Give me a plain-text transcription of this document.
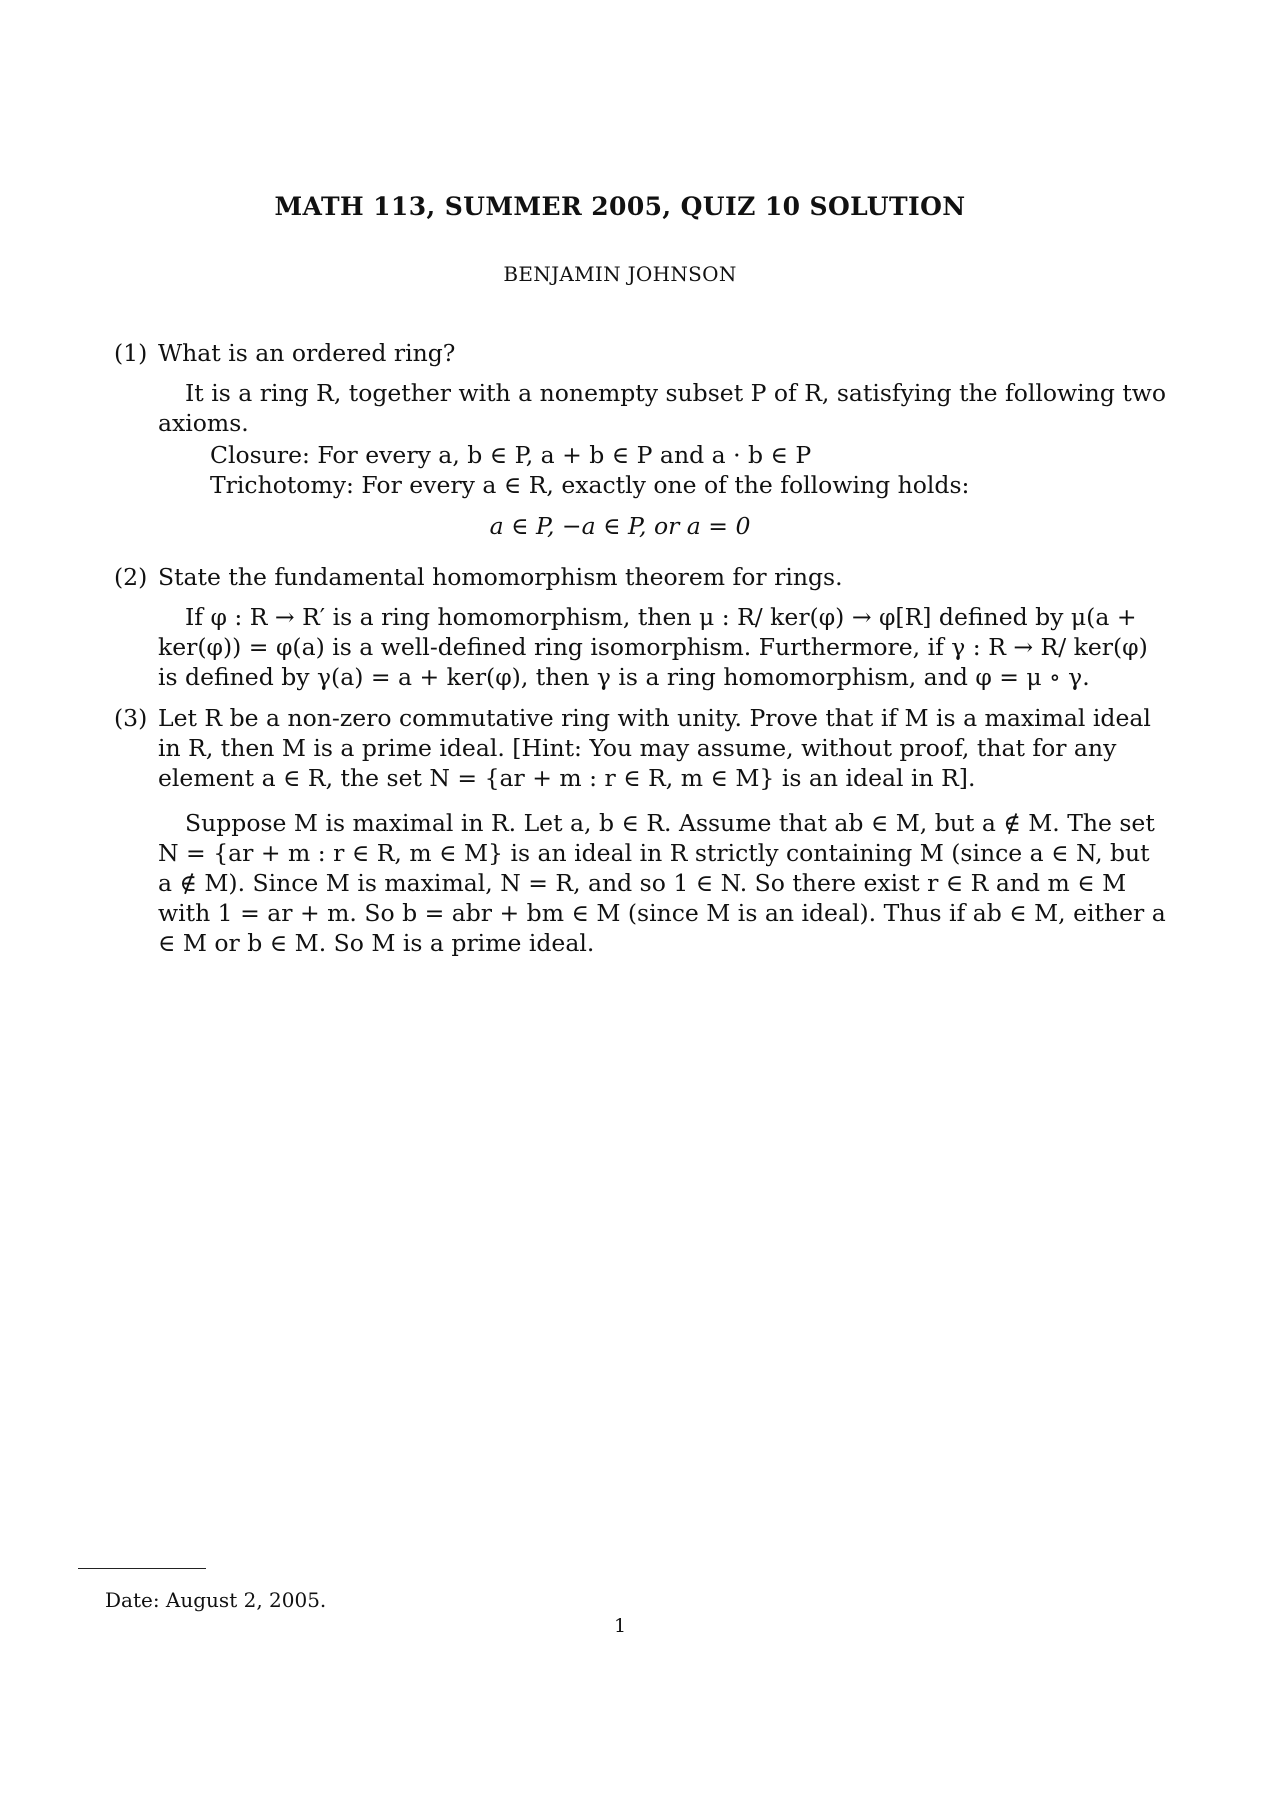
MATH 113, SUMMER 2005, QUIZ 10 SOLUTION
BENJAMIN JOHNSON
(1) What is an ordered ring?
It is a ring R, together with a nonempty subset P of R, satisfying the following two axioms.
Closure: For every a, b ∈ P, a + b ∈ P and a · b ∈ P
Trichotomy: For every a ∈ R, exactly one of the following holds:
a ∈ P, −a ∈ P, or a = 0
(2) State the fundamental homomorphism theorem for rings.
If φ : R → R′ is a ring homomorphism, then μ : R/ ker(φ) → φ[R] defined by μ(a + ker(φ)) = φ(a) is a well-defined ring isomorphism. Furthermore, if γ : R → R/ ker(φ) is defined by γ(a) = a + ker(φ), then γ is a ring homomorphism, and φ = μ ∘ γ.
(3) Let R be a non-zero commutative ring with unity. Prove that if M is a maximal ideal in R, then M is a prime ideal. [Hint: You may assume, without proof, that for any element a ∈ R, the set N = {ar + m : r ∈ R, m ∈ M} is an ideal in R].
Suppose M is maximal in R. Let a, b ∈ R. Assume that ab ∈ M, but a ∉ M. The set N = {ar + m : r ∈ R, m ∈ M} is an ideal in R strictly containing M (since a ∈ N, but a ∉ M). Since M is maximal, N = R, and so 1 ∈ N. So there exist r ∈ R and m ∈ M with 1 = ar + m. So b = abr + bm ∈ M (since M is an ideal). Thus if ab ∈ M, either a ∈ M or b ∈ M. So M is a prime ideal.
Date: August 2, 2005.
1
